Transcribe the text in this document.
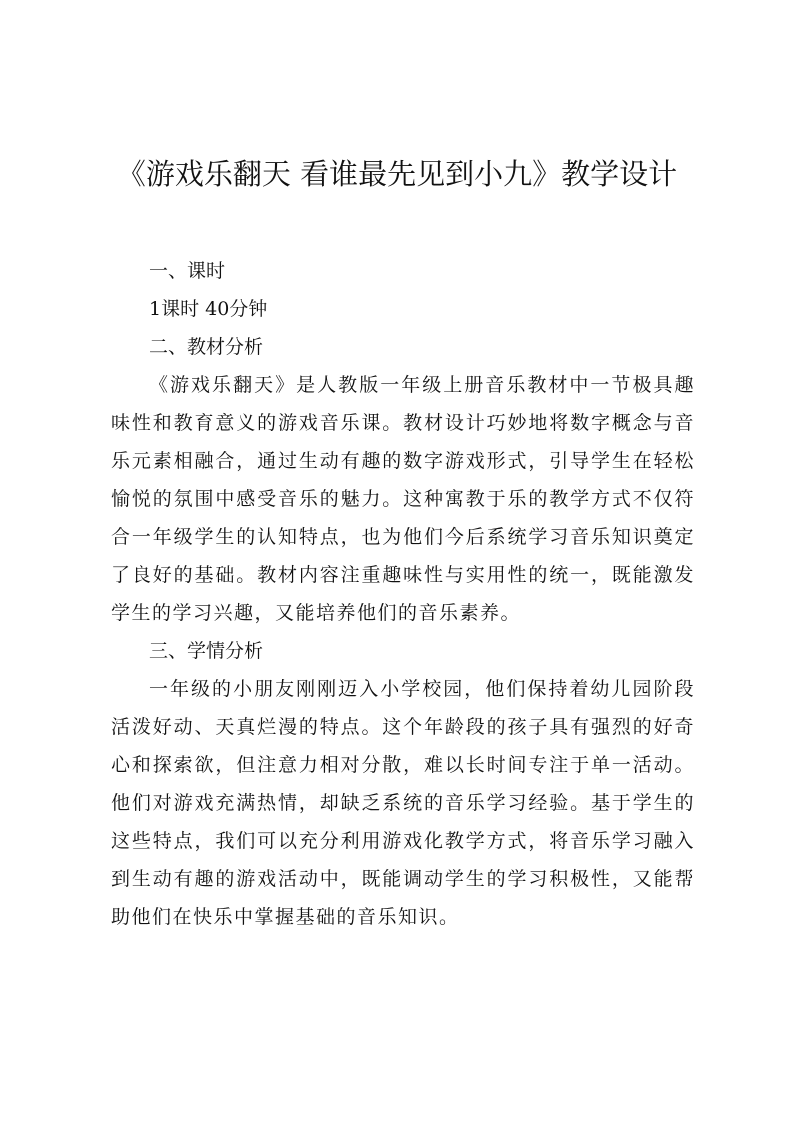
《游戏乐翻天 看谁最先见到小九》教学设计
一、课时
1课时 40分钟
二、教材分析

《游戏乐翻天》是人教版一年级上册音乐教材中一节极具趣味性和教育意义的游戏音乐课。教材设计巧妙地将数字概念与音乐元素相融合，通过生动有趣的数字游戏形式，引导学生在轻松愉悦的氛围中感受音乐的魅力。这种寓教于乐的教学方式不仅符合一年级学生的认知特点，也为他们今后系统学习音乐知识奠定了良好的基础。教材内容注重趣味性与实用性的统一，既能激发学生的学习兴趣，又能培养他们的音乐素养。

三、学情分析

一年级的小朋友刚刚迈入小学校园，他们保持着幼儿园阶段活泼好动、天真烂漫的特点。这个年龄段的孩子具有强烈的好奇心和探索欲，但注意力相对分散，难以长时间专注于单一活动。他们对游戏充满热情，却缺乏系统的音乐学习经验。基于学生的这些特点，我们可以充分利用游戏化教学方式，将音乐学习融入到生动有趣的游戏活动中，既能调动学生的学习积极性，又能帮助他们在快乐中掌握基础的音乐知识。
